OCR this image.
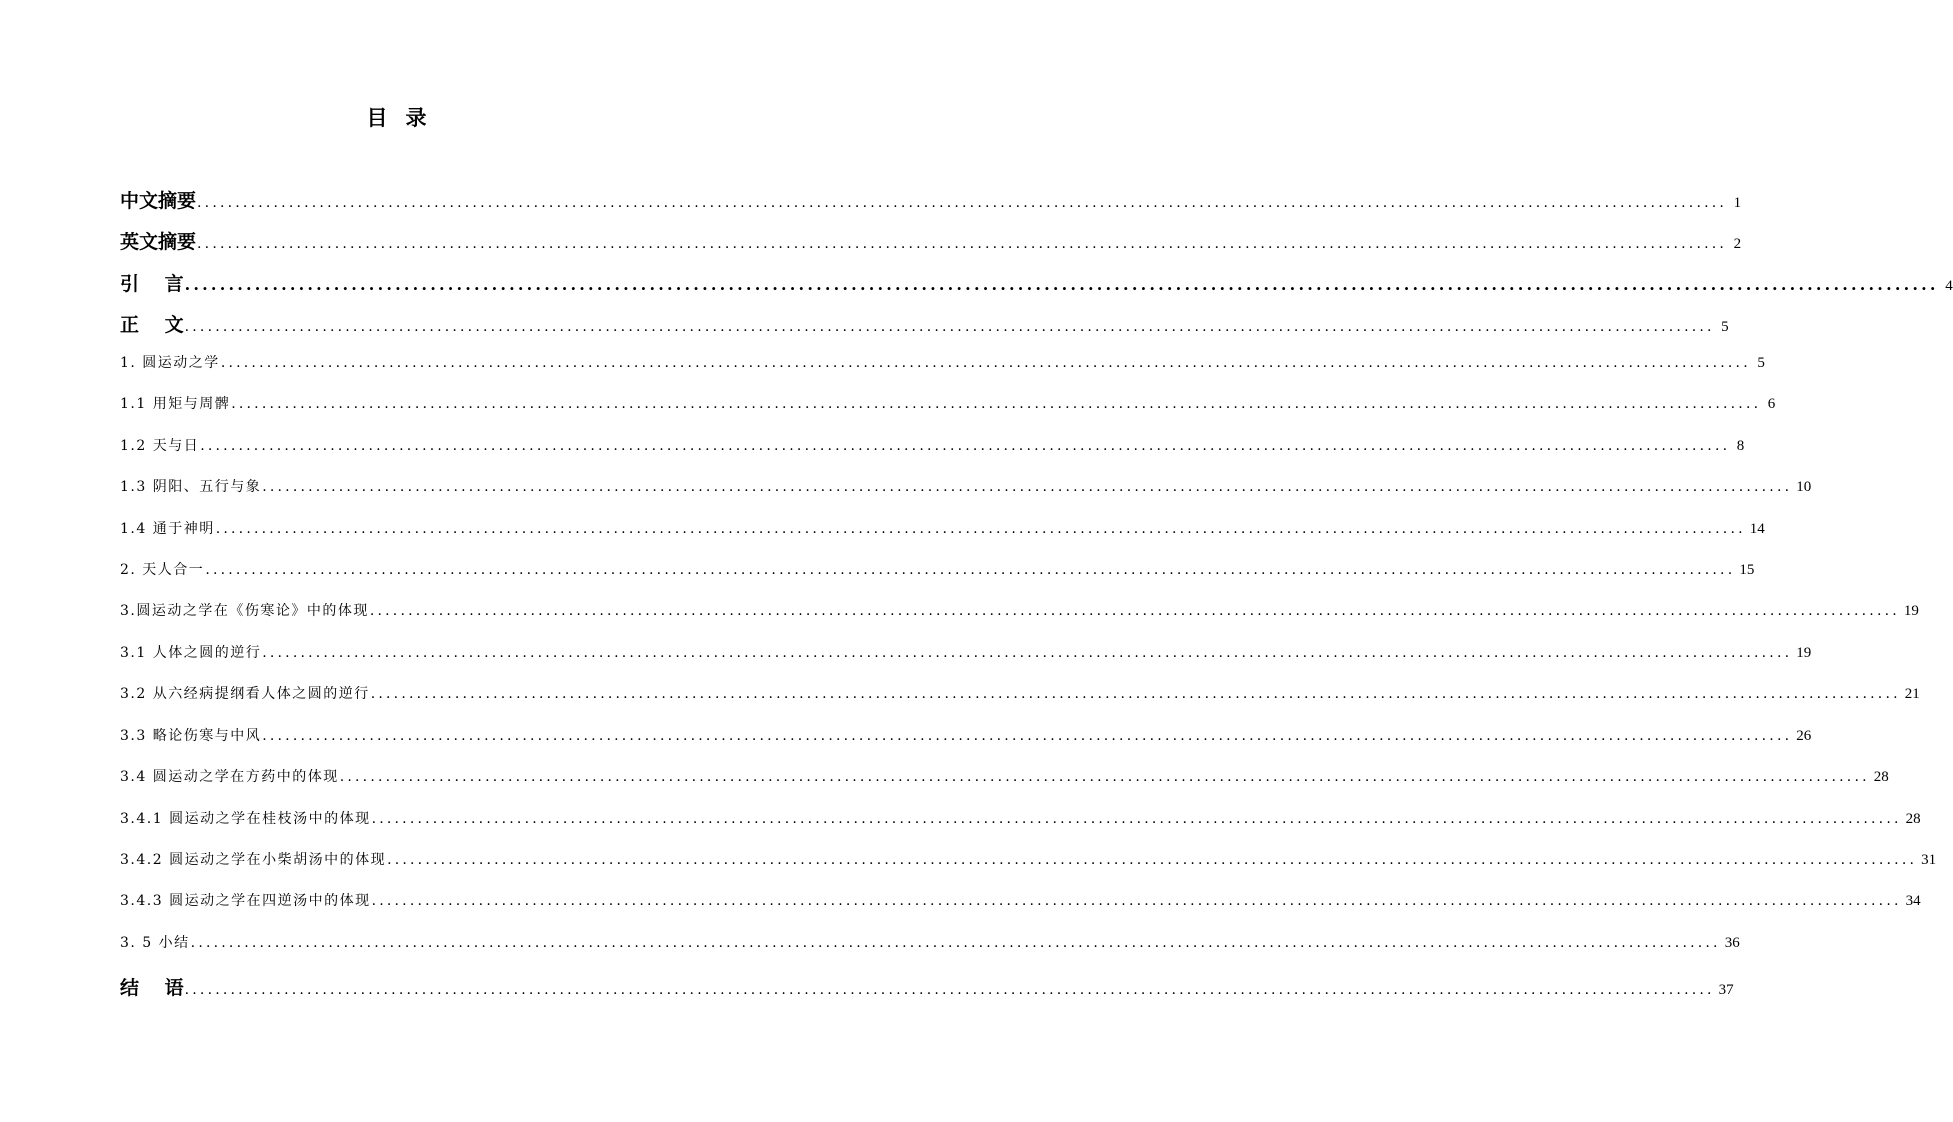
目录
中文摘要 ........................................................................................................................................................................................................ 1
英文摘要 ........................................................................................................................................................................................................ 2
引　 言 ........................................................................................................................................................................................................ 4
正　 文 ........................................................................................................................................................................................................ 5
1. 圆运动之学 ........................................................................................................................................................................................................ 5
1.1 用矩与周髀 ........................................................................................................................................................................................................ 6
1.2 天与日 ........................................................................................................................................................................................................ 8
1.3 阴阳、五行与象 ........................................................................................................................................................................................................ 10
1.4 通于神明 ........................................................................................................................................................................................................ 14
2. 天人合一 ........................................................................................................................................................................................................ 15
3.圆运动之学在《伤寒论》中的体现 ........................................................................................................................................................................................................ 19
3.1 人体之圆的逆行 ........................................................................................................................................................................................................ 19
3.2 从六经病提纲看人体之圆的逆行 ........................................................................................................................................................................................................ 21
3.3 略论伤寒与中风 ........................................................................................................................................................................................................ 26
3.4 圆运动之学在方药中的体现 ........................................................................................................................................................................................................ 28
3.4.1 圆运动之学在桂枝汤中的体现 ........................................................................................................................................................................................................ 28
3.4.2 圆运动之学在小柴胡汤中的体现 ........................................................................................................................................................................................................ 31
3.4.3 圆运动之学在四逆汤中的体现 ........................................................................................................................................................................................................ 34
3. 5 小结 ........................................................................................................................................................................................................ 36
结　 语 ........................................................................................................................................................................................................ 37
